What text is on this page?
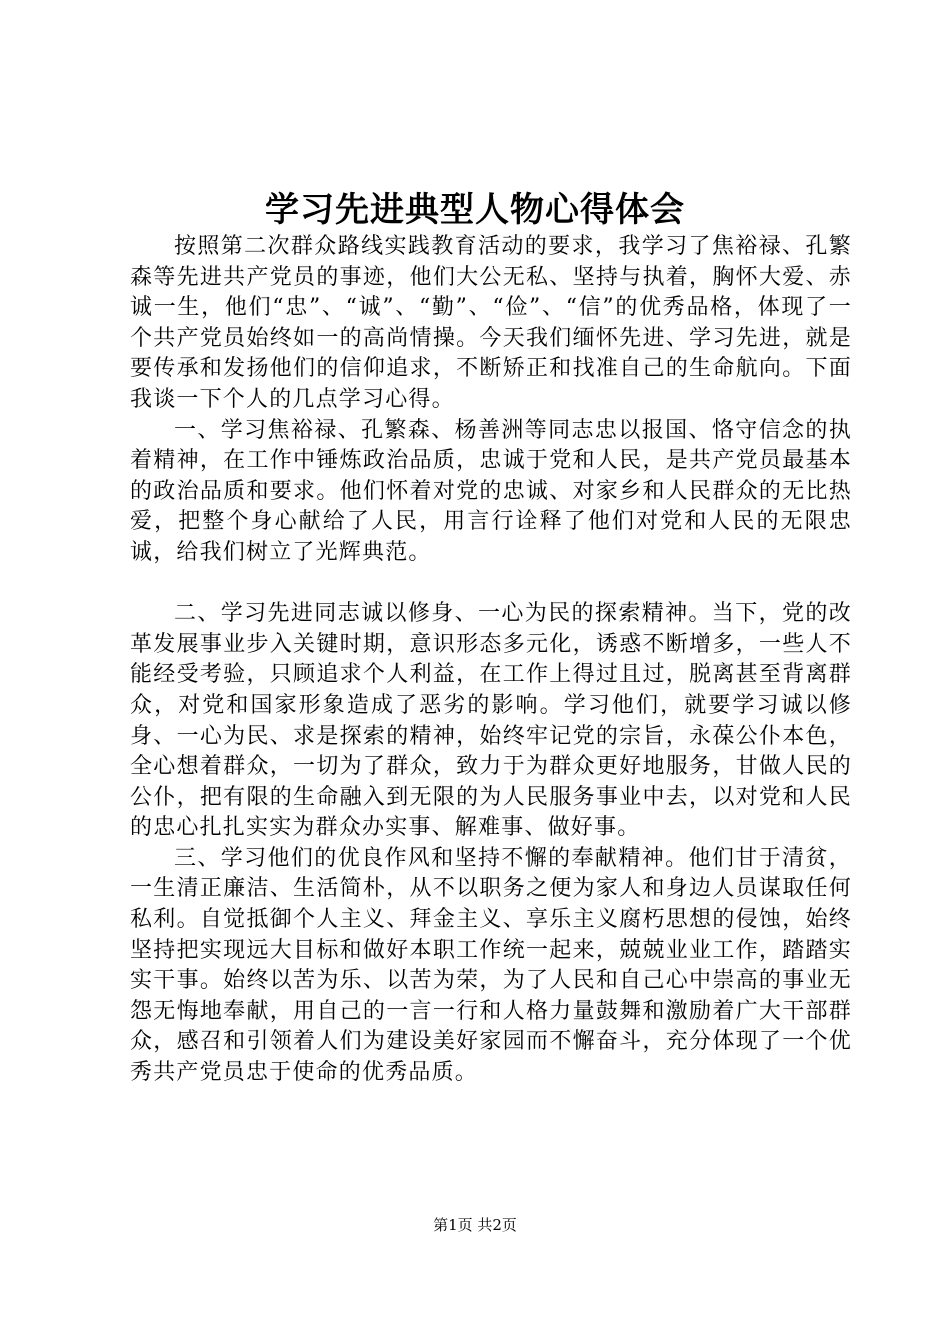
学习先进典型人物心得体会

按照第二次群众路线实践教育活动的要求，我学习了焦裕禄、孔繁森等先进共产党员的事迹，他们大公无私、坚持与执着，胸怀大爱、赤诚一生，他们“忠”、“诚”、“勤”、“俭”、“信”的优秀品格，体现了一个共产党员始终如一的高尚情操。今天我们缅怀先进、学习先进，就是要传承和发扬他们的信仰追求，不断矫正和找准自己的生命航向。下面我谈一下个人的几点学习心得。

一、学习焦裕禄、孔繁森、杨善洲等同志忠以报国、恪守信念的执着精神，在工作中锤炼政治品质，忠诚于党和人民，是共产党员最基本的政治品质和要求。他们怀着对党的忠诚、对家乡和人民群众的无比热爱，把整个身心献给了人民，用言行诠释了他们对党和人民的无限忠诚，给我们树立了光辉典范。

二、学习先进同志诚以修身、一心为民的探索精神。当下，党的改革发展事业步入关键时期，意识形态多元化，诱惑不断增多，一些人不能经受考验，只顾追求个人利益，在工作上得过且过，脱离甚至背离群众，对党和国家形象造成了恶劣的影响。学习他们，就要学习诚以修身、一心为民、求是探索的精神，始终牢记党的宗旨，永葆公仆本色，全心想着群众，一切为了群众，致力于为群众更好地服务，甘做人民的公仆，把有限的生命融入到无限的为人民服务事业中去，以对党和人民的忠心扎扎实实为群众办实事、解难事、做好事。

三、学习他们的优良作风和坚持不懈的奉献精神。他们甘于清贫，一生清正廉洁、生活简朴，从不以职务之便为家人和身边人员谋取任何私利。自觉抵御个人主义、拜金主义、享乐主义腐朽思想的侵蚀，始终坚持把实现远大目标和做好本职工作统一起来，兢兢业业工作，踏踏实实干事。始终以苦为乐、以苦为荣，为了人民和自己心中崇高的事业无怨无悔地奉献，用自己的一言一行和人格力量鼓舞和激励着广大干部群众，感召和引领着人们为建设美好家园而不懈奋斗，充分体现了一个优秀共产党员忠于使命的优秀品质。

第1页 共2页
